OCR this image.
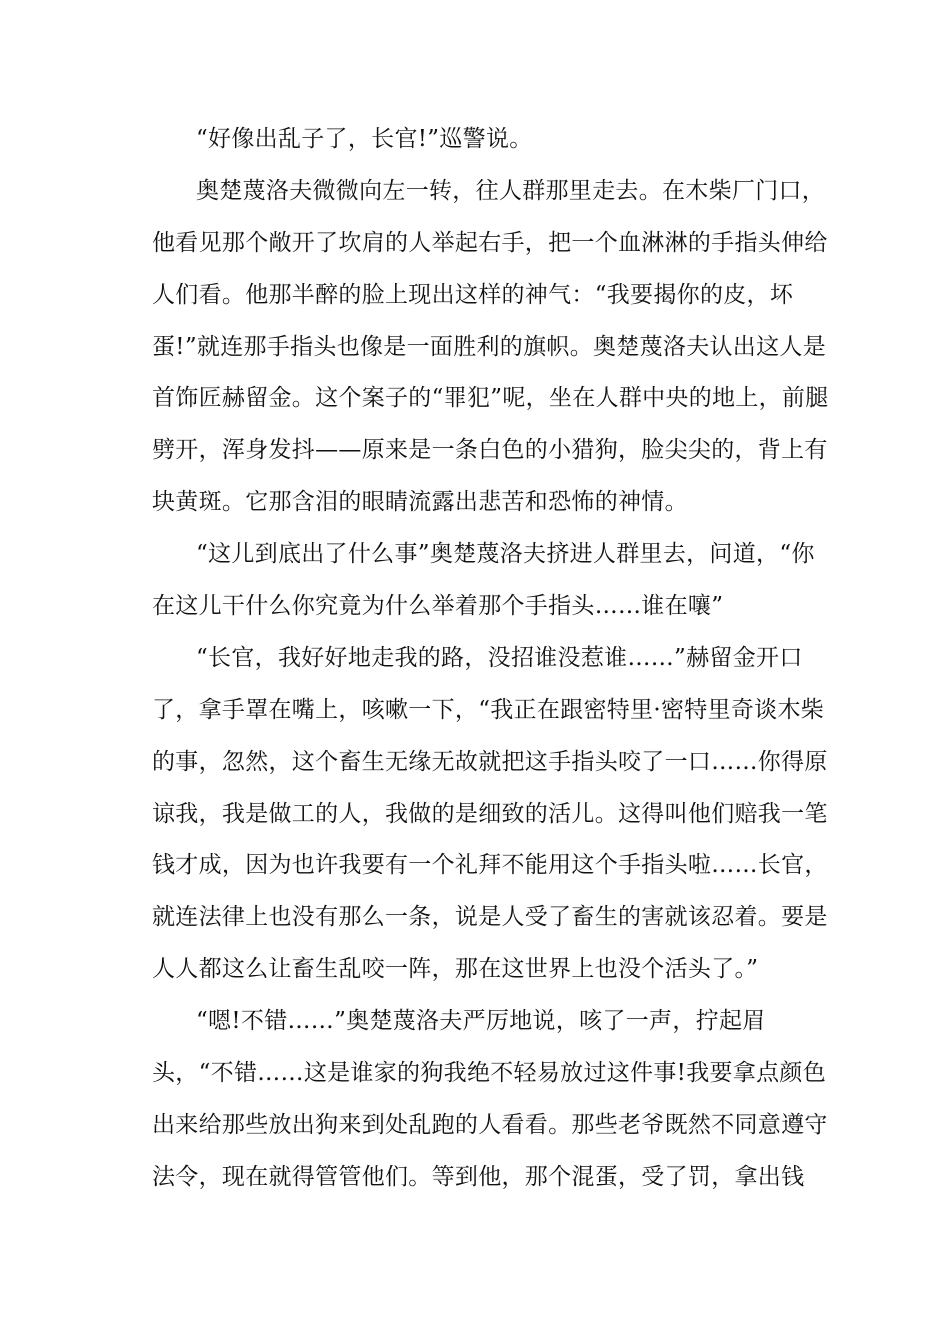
“好像出乱子了，长官!”巡警说。
奥楚蔑洛夫微微向左一转，往人群那里走去。在木柴厂门口，
他看见那个敞开了坎肩的人举起右手，把一个血淋淋的手指头伸给
人们看。他那半醉的脸上现出这样的神气：“我要揭你的皮，坏
蛋!”就连那手指头也像是一面胜利的旗帜。奥楚蔑洛夫认出这人是
首饰匠赫留金。这个案子的“罪犯”呢，坐在人群中央的地上，前腿
劈开，浑身发抖——原来是一条白色的小猎狗，脸尖尖的，背上有
块黄斑。它那含泪的眼睛流露出悲苦和恐怖的神情。
“这儿到底出了什么事”奥楚蔑洛夫挤进人群里去，问道，“你
在这儿干什么你究竟为什么举着那个手指头……谁在嚷”
“长官，我好好地走我的路，没招谁没惹谁……”赫留金开口
了，拿手罩在嘴上，咳嗽一下，“我正在跟密特里·密特里奇谈木柴
的事，忽然，这个畜生无缘无故就把这手指头咬了一口……你得原
谅我，我是做工的人，我做的是细致的活儿。这得叫他们赔我一笔
钱才成，因为也许我要有一个礼拜不能用这个手指头啦……长官，
就连法律上也没有那么一条，说是人受了畜生的害就该忍着。要是
人人都这么让畜生乱咬一阵，那在这世界上也没个活头了。”
“嗯!不错……”奥楚蔑洛夫严厉地说，咳了一声，拧起眉
头，“不错……这是谁家的狗我绝不轻易放过这件事!我要拿点颜色
出来给那些放出狗来到处乱跑的人看看。那些老爷既然不同意遵守
法令，现在就得管管他们。等到他，那个混蛋，受了罚，拿出钱
